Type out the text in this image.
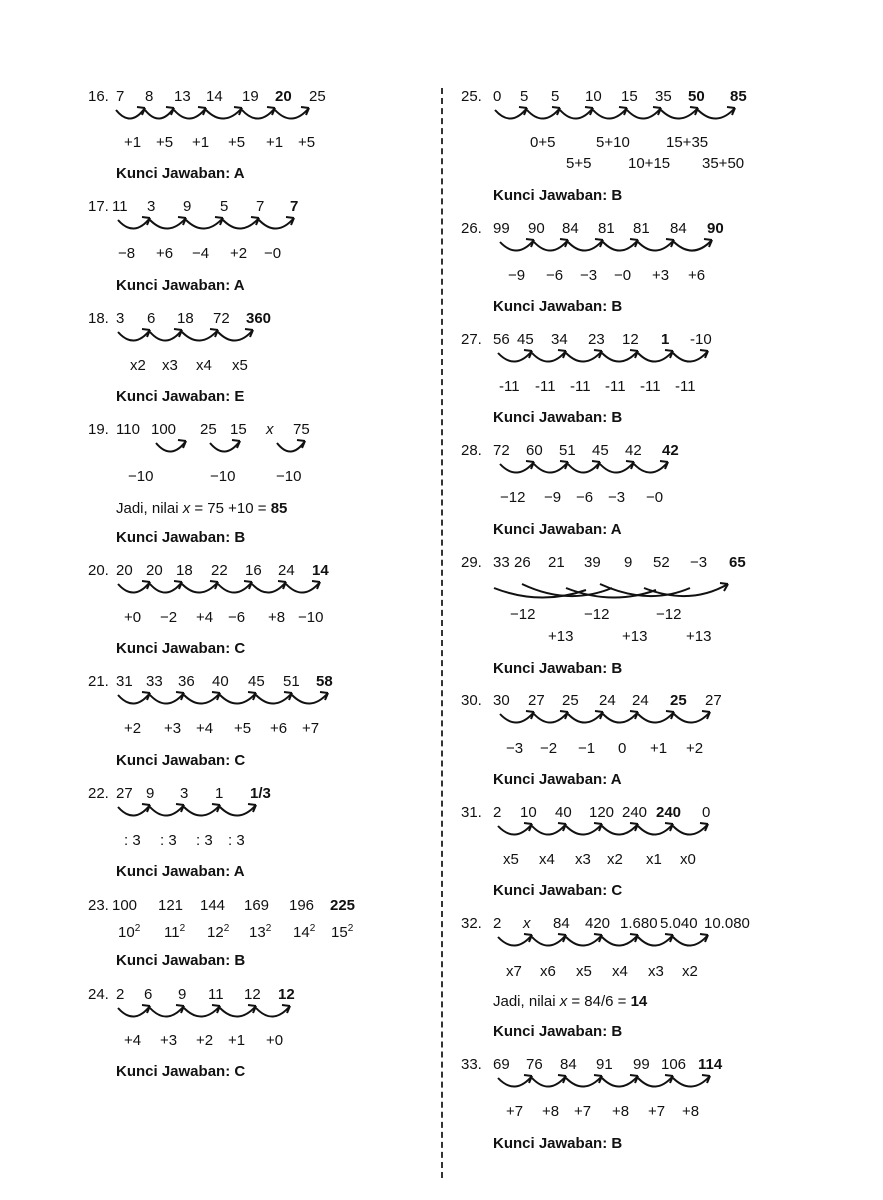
16. 7 8 13 14 19 20 25
+1 +5 +1 +5 +1 +5
Kunci Jawaban: A
17. 11 3 9 5 7 7
−8 +6 −4 +2 −0
Kunci Jawaban: A
18. 3 6 18 72 360
x2 x3 x4 x5
Kunci Jawaban: E
19. 110 100 25 15 x 75
−10	−10	−10
Kunci Jawaban: B
20. 20 20 18 22 16 24 14
+0 −2 +4 −6 +8 −10
Kunci Jawaban: C
21. 31 33 36 40 45 51 58
+2 +3 +4 +5 +6 +7
Kunci Jawaban: C
22. 27 9 3 1 1/3
: 3 : 3 : 3 : 3
Kunci Jawaban: A
24. 2 6 9 11 12 12
+4 +3 +2 +1 +0
Kunci Jawaban: C
25. 0 5 5 10 15 35 50 85
0+5	5+10 15+35
5+5 10+15 35+50
Kunci Jawaban: B
26. 99 90 84 81 81 84 90
−9 −6 −3 −0 +3 +6
Kunci Jawaban: B
27. 56 45 34 23 12 1 -10
-11 -11 -11 -11 -11 -11
Kunci Jawaban: B
28. 72 60 51 45 42 42
−12 −9 −6 −3 −0
Kunci Jawaban: A
30. 30 27 25 24 24 25 27
−3 −2 −1 0 +1 +2
Kunci Jawaban: A
31. 2 10 40 120 240 240 0
x5 x4 x3 x2 x1 x0
Kunci Jawaban: C
32. 2 x 84 420 1.680 5.040 10.080
x7 x6 x5 x4 x3 x2
Kunci Jawaban: B
33. 69 76 84 91 99 106 114
+7 +8 +7 +8 +7 +8
Kunci Jawaban: B
23. 100 121 144 169 196 225
$10^2$ $11^2$ $12^2$ $13^2$ $14^2$ $15^2$
Kunci Jawaban: B
29. 33 26 21 39 9 52 −3 65
−12	−12	−12
+13	+13	+13
Kunci Jawaban: B
Jadi, nilai x = 75 +10 = 85
Jadi, nilai x = 84/6 = 14
